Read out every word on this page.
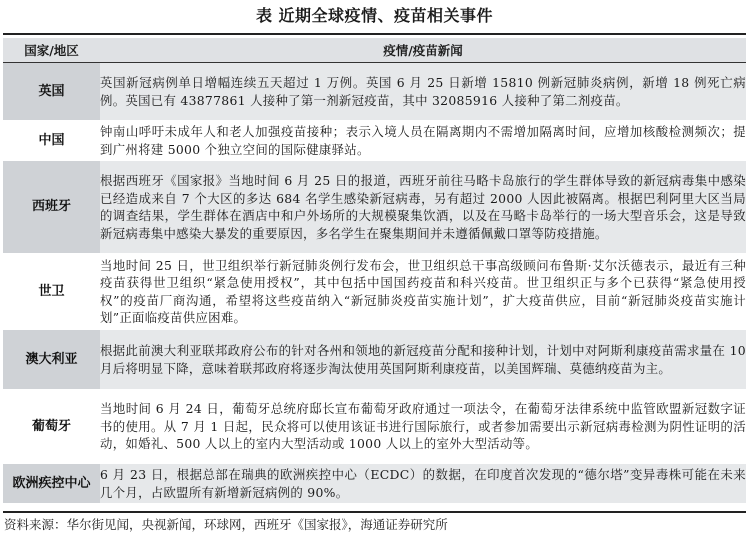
表 近期全球疫情、疫苗相关事件
国家/地区	疫情/疫苗新闻
英国	英国新冠病例单日增幅连续五天超过 1 万例。英国 6 月 25 日新增 15810 例新冠肺炎病例，新增 18 例死亡病例。英国已有 43877861 人接种了第一剂新冠疫苗，其中 32085916 人接种了第二剂疫苗。
中国	钟南山呼吁未成年人和老人加强疫苗接种；表示入境人员在隔离期内不需增加隔离时间，应增加核酸检测频次；提到广州将建 5000 个独立空间的国际健康驿站。
西班牙	根据西班牙《国家报》当地时间 6 月 25 日的报道，西班牙前往马略卡岛旅行的学生群体导致的新冠病毒集中感染已经造成来自 7 个大区的多达 684 名学生感染新冠病毒，另有超过 2000 人因此被隔离。根据巴利阿里大区当局的调查结果，学生群体在酒店中和户外场所的大规模聚集饮酒，以及在马略卡岛举行的一场大型音乐会，这是导致新冠病毒集中感染大暴发的重要原因，多名学生在聚集期间并未遵循佩戴口罩等防疫措施。
世卫	当地时间 25 日，世卫组织举行新冠肺炎例行发布会，世卫组织总干事高级顾问布鲁斯·艾尔沃德表示，最近有三种疫苗获得世卫组织“紧急使用授权”，其中包括中国国药疫苗和科兴疫苗。世卫组织正与多个已获得“紧急使用授权”的疫苗厂商沟通，希望将这些疫苗纳入“新冠肺炎疫苗实施计划”，扩大疫苗供应，目前“新冠肺炎疫苗实施计划”正面临疫苗供应困难。
澳大利亚	根据此前澳大利亚联邦政府公布的针对各州和领地的新冠疫苗分配和接种计划，计划中对阿斯利康疫苗需求量在 10 月后将明显下降，意味着联邦政府将逐步淘汰使用英国阿斯利康疫苗，以美国辉瑞、莫德纳疫苗为主。
葡萄牙	当地时间 6 月 24 日，葡萄牙总统府邸长宣布葡萄牙政府通过一项法令，在葡萄牙法律系统中监管欧盟新冠数字证书的使用。从 7 月 1 日起，民众将可以使用该证书进行国际旅行，或者参加需要出示新冠病毒检测为阴性证明的活动，如婚礼、500 人以上的室内大型活动或 1000 人以上的室外大型活动等。
欧洲疾控中心	6 月 23 日，根据总部在瑞典的欧洲疾控中心（ECDC）的数据，在印度首次发现的“德尔塔”变异毒株可能在未来几个月，占欧盟所有新增新冠病例的 90%。
资料来源：华尔街见闻，央视新闻，环球网，西班牙《国家报》，海通证券研究所
